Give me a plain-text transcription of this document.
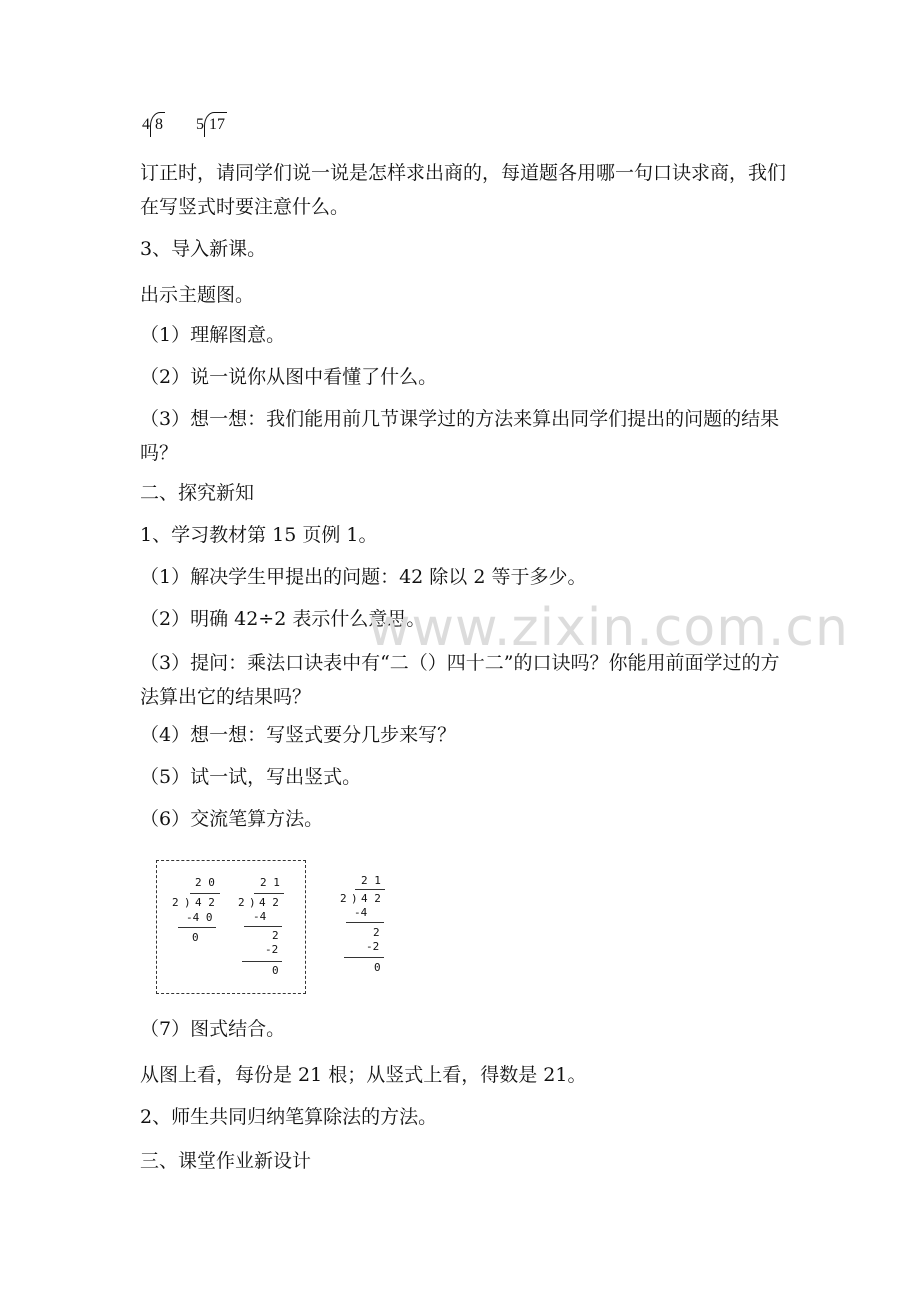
4 8 5 17
订正时，请同学们说一说是怎样求出商的，每道题各用哪一句口诀求商，我们在写竖式时要注意什么。
3、导入新课。
出示主题图。
（1）理解图意。
（2）说一说你从图中看懂了什么。
（3）想一想：我们能用前几节课学过的方法来算出同学们提出的问题的结果吗？
二、探究新知
1、学习教材第 15 页例 1。
（1）解决学生甲提出的问题：42 除以 2 等于多少。
（2）明确 42÷2 表示什么意思。
（3）提问：乘法口诀表中有“二（）四十二”的口诀吗？你能用前面学过的方法算出它的结果吗？
（4）想一想：写竖式要分几步来写？
（5）试一试，写出竖式。
（6）交流笔算方法。
2 0
2 ) 4 2
-4 0
0
2 1
2 ) 4 2
-4
2
-2
0
2 1
2 ) 4 2
-4
2
-2
0
（7）图式结合。
从图上看，每份是 21 根；从竖式上看，得数是 21。
2、师生共同归纳笔算除法的方法。
三、课堂作业新设计
www.zixin.com.cn
